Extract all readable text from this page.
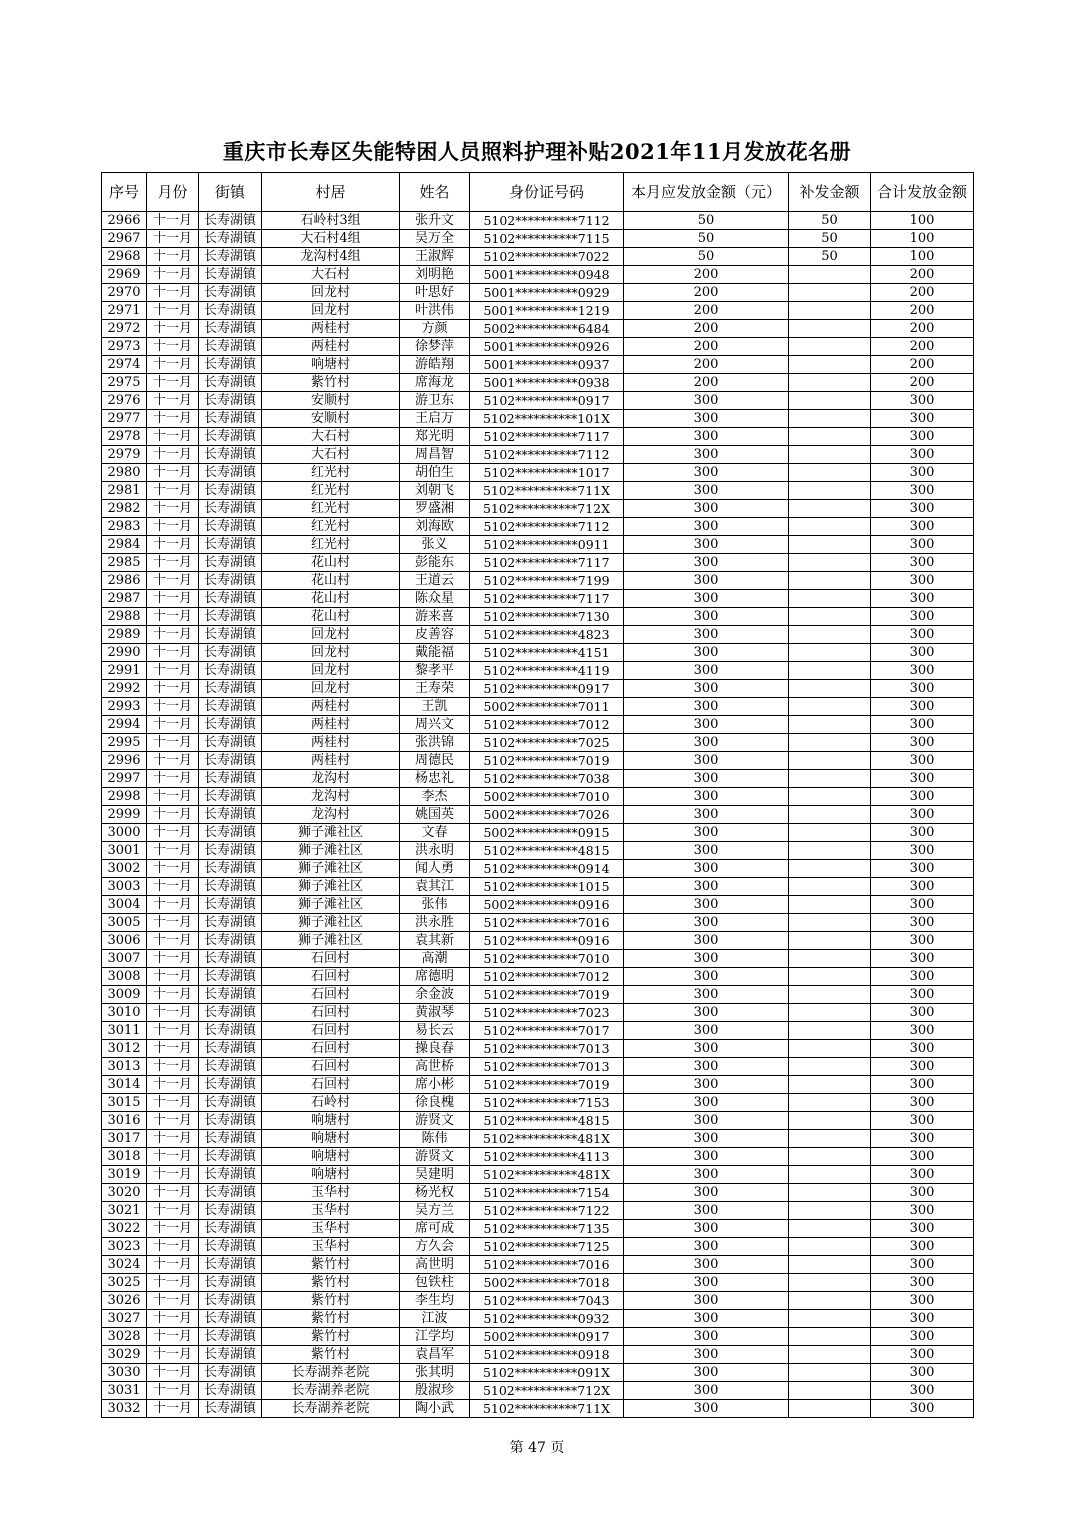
重庆市长寿区失能特困人员照料护理补贴2021年11月发放花名册
序号	月份	街镇	村居	姓名	身份证号码	本月应发放金额（元）	补发金额	合计发放金额
2966	十一月	长寿湖镇	石岭村3组	张升文	5102**********7112	50	50	100
2967	十一月	长寿湖镇	大石村4组	吴万全	5102**********7115	50	50	100
2968	十一月	长寿湖镇	龙沟村4组	王淑辉	5102**********7022	50	50	100
2969	十一月	长寿湖镇	大石村	刘明艳	5001**********0948	200		200
2970	十一月	长寿湖镇	回龙村	叶思好	5001**********0929	200		200
2971	十一月	长寿湖镇	回龙村	叶洪伟	5001**********1219	200		200
2972	十一月	长寿湖镇	两桂村	方颜	5002**********6484	200		200
2973	十一月	长寿湖镇	两桂村	徐梦萍	5001**********0926	200		200
2974	十一月	长寿湖镇	响塘村	游皓翔	5001**********0937	200		200
2975	十一月	长寿湖镇	紫竹村	席海龙	5001**********0938	200		200
2976	十一月	长寿湖镇	安顺村	游卫东	5102**********0917	300		300
2977	十一月	长寿湖镇	安顺村	王启万	5102**********101X	300		300
2978	十一月	长寿湖镇	大石村	郑光明	5102**********7117	300		300
2979	十一月	长寿湖镇	大石村	周昌智	5102**********7112	300		300
2980	十一月	长寿湖镇	红光村	胡伯生	5102**********1017	300		300
2981	十一月	长寿湖镇	红光村	刘朝飞	5102**********711X	300		300
2982	十一月	长寿湖镇	红光村	罗盛湘	5102**********712X	300		300
2983	十一月	长寿湖镇	红光村	刘海欧	5102**********7112	300		300
2984	十一月	长寿湖镇	红光村	张义	5102**********0911	300		300
2985	十一月	长寿湖镇	花山村	彭能东	5102**********7117	300		300
2986	十一月	长寿湖镇	花山村	王道云	5102**********7199	300		300
2987	十一月	长寿湖镇	花山村	陈众星	5102**********7117	300		300
2988	十一月	长寿湖镇	花山村	游来喜	5102**********7130	300		300
2989	十一月	长寿湖镇	回龙村	皮善容	5102**********4823	300		300
2990	十一月	长寿湖镇	回龙村	戴能福	5102**********4151	300		300
2991	十一月	长寿湖镇	回龙村	黎孝平	5102**********4119	300		300
2992	十一月	长寿湖镇	回龙村	王寿荣	5102**********0917	300		300
2993	十一月	长寿湖镇	两桂村	王凯	5002**********7011	300		300
2994	十一月	长寿湖镇	两桂村	周兴文	5102**********7012	300		300
2995	十一月	长寿湖镇	两桂村	张洪锦	5102**********7025	300		300
2996	十一月	长寿湖镇	两桂村	周德民	5102**********7019	300		300
2997	十一月	长寿湖镇	龙沟村	杨忠礼	5102**********7038	300		300
2998	十一月	长寿湖镇	龙沟村	李杰	5002**********7010	300		300
2999	十一月	长寿湖镇	龙沟村	姚国英	5002**********7026	300		300
3000	十一月	长寿湖镇	狮子滩社区	文春	5002**********0915	300		300
3001	十一月	长寿湖镇	狮子滩社区	洪永明	5102**********4815	300		300
3002	十一月	长寿湖镇	狮子滩社区	闻人勇	5102**********0914	300		300
3003	十一月	长寿湖镇	狮子滩社区	袁其江	5102**********1015	300		300
3004	十一月	长寿湖镇	狮子滩社区	张伟	5002**********0916	300		300
3005	十一月	长寿湖镇	狮子滩社区	洪永胜	5102**********7016	300		300
3006	十一月	长寿湖镇	狮子滩社区	袁其新	5102**********0916	300		300
3007	十一月	长寿湖镇	石回村	高潮	5102**********7010	300		300
3008	十一月	长寿湖镇	石回村	席德明	5102**********7012	300		300
3009	十一月	长寿湖镇	石回村	余金波	5102**********7019	300		300
3010	十一月	长寿湖镇	石回村	黄淑琴	5102**********7023	300		300
3011	十一月	长寿湖镇	石回村	易长云	5102**********7017	300		300
3012	十一月	长寿湖镇	石回村	操良春	5102**********7013	300		300
3013	十一月	长寿湖镇	石回村	高世桥	5102**********7013	300		300
3014	十一月	长寿湖镇	石回村	席小彬	5102**********7019	300		300
3015	十一月	长寿湖镇	石岭村	徐良槐	5102**********7153	300		300
3016	十一月	长寿湖镇	响塘村	游贤文	5102**********4815	300		300
3017	十一月	长寿湖镇	响塘村	陈伟	5102**********481X	300		300
3018	十一月	长寿湖镇	响塘村	游贤文	5102**********4113	300		300
3019	十一月	长寿湖镇	响塘村	吴建明	5102**********481X	300		300
3020	十一月	长寿湖镇	玉华村	杨光权	5102**********7154	300		300
3021	十一月	长寿湖镇	玉华村	吴方兰	5102**********7122	300		300
3022	十一月	长寿湖镇	玉华村	席可成	5102**********7135	300		300
3023	十一月	长寿湖镇	玉华村	方久会	5102**********7125	300		300
3024	十一月	长寿湖镇	紫竹村	高世明	5102**********7016	300		300
3025	十一月	长寿湖镇	紫竹村	包铁柱	5002**********7018	300		300
3026	十一月	长寿湖镇	紫竹村	李生均	5102**********7043	300		300
3027	十一月	长寿湖镇	紫竹村	江波	5102**********0932	300		300
3028	十一月	长寿湖镇	紫竹村	江学均	5002**********0917	300		300
3029	十一月	长寿湖镇	紫竹村	袁昌军	5102**********0918	300		300
3030	十一月	长寿湖镇	长寿湖养老院	张其明	5102**********091X	300		300
3031	十一月	长寿湖镇	长寿湖养老院	殷淑珍	5102**********712X	300		300
3032	十一月	长寿湖镇	长寿湖养老院	陶小武	5102**********711X	300		300
第 47 页
